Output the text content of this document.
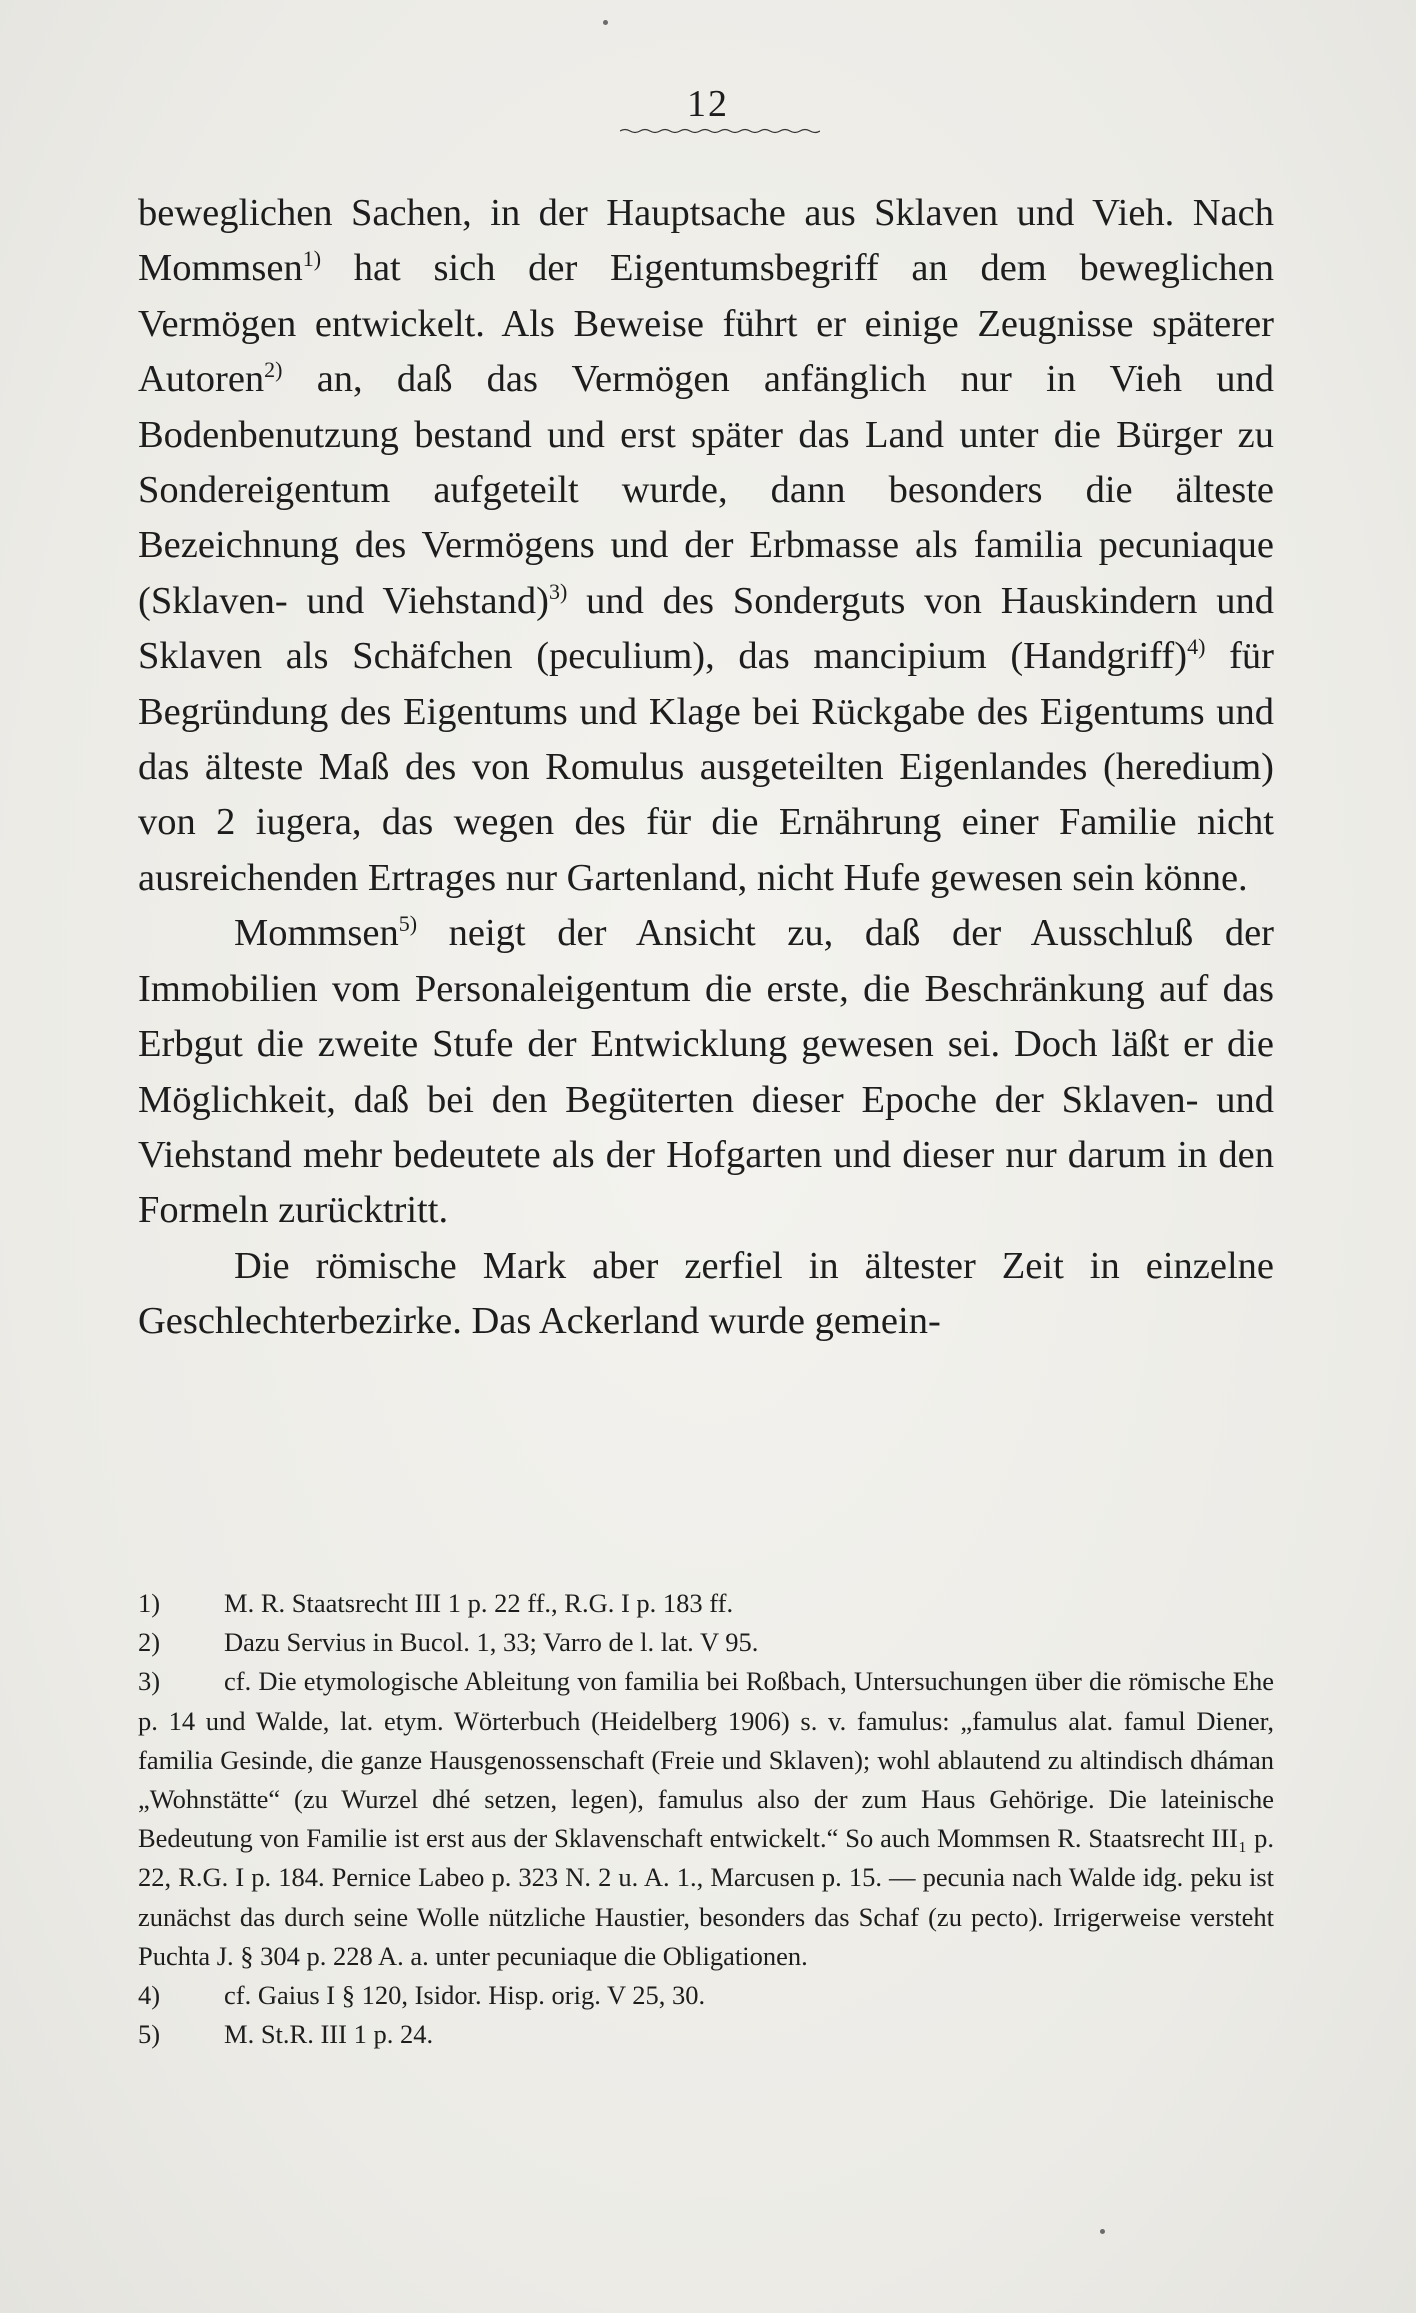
12

beweglichen Sachen, in der Hauptsache aus Sklaven und Vieh. Nach Mommsen$^{1)}$ hat sich der Eigentumsbegriff an dem beweglichen Vermögen entwickelt. Als Beweise führt er einige Zeugnisse späterer Autoren$^{2)}$ an, daß das Vermögen anfänglich nur in Vieh und Bodenbenutzung bestand und erst später das Land unter die Bürger zu Sondereigentum aufgeteilt wurde, dann besonders die älteste Bezeichnung des Vermögens und der Erbmasse als familia pecuniaque (Sklaven- und Viehstand)$^{3)}$ und des Sonderguts von Hauskindern und Sklaven als Schäfchen (peculium), das mancipium (Handgriff)$^{4)}$ für Begründung des Eigentums und Klage bei Rückgabe des Eigentums und das älteste Maß des von Romulus ausgeteilten Eigenlandes (heredium) von 2 iugera, das wegen des für die Ernährung einer Familie nicht ausreichenden Ertrages nur Gartenland, nicht Hufe gewesen sein könne.

Mommsen$^{5)}$ neigt der Ansicht zu, daß der Ausschluß der Immobilien vom Personaleigentum die erste, die Beschränkung auf das Erbgut die zweite Stufe der Entwicklung gewesen sei. Doch läßt er die Möglichkeit, daß bei den Begüterten dieser Epoche der Sklaven- und Viehstand mehr bedeutete als der Hofgarten und dieser nur darum in den Formeln zurücktritt.

Die römische Mark aber zerfiel in ältester Zeit in einzelne Geschlechterbezirke. Das Ackerland wurde gemein-

1) M. R. Staatsrecht III 1 p. 22 ff., R.G. I p. 183 ff.

2) Dazu Servius in Bucol. 1, 33; Varro de l. lat. V 95.

3) cf. Die etymologische Ableitung von familia bei Roßbach, Untersuchungen über die römische Ehe p. 14 und Walde, lat. etym. Wörterbuch (Heidelberg 1906) s. v. famulus: „famulus alat. famul Diener, familia Gesinde, die ganze Hausgenossenschaft (Freie und Sklaven); wohl ablautend zu altindisch dháman „Wohnstätte“ (zu Wurzel dhé setzen, legen), famulus also der zum Haus Gehörige. Die lateinische Bedeutung von Familie ist erst aus der Sklavenschaft entwickelt.“ So auch Mommsen R. Staatsrecht III₁ p. 22, R.G. I p. 184. Pernice Labeo p. 323 N. 2 u. A. 1., Marcusen p. 15. — pecunia nach Walde idg. peku ist zunächst das durch seine Wolle nützliche Haustier, besonders das Schaf (zu pecto). Irrigerweise versteht Puchta J. § 304 p. 228 A. a. unter pecuniaque die Obligationen.

4) cf. Gaius I § 120, Isidor. Hisp. orig. V 25, 30.

5) M. St.R. III 1 p. 24.
